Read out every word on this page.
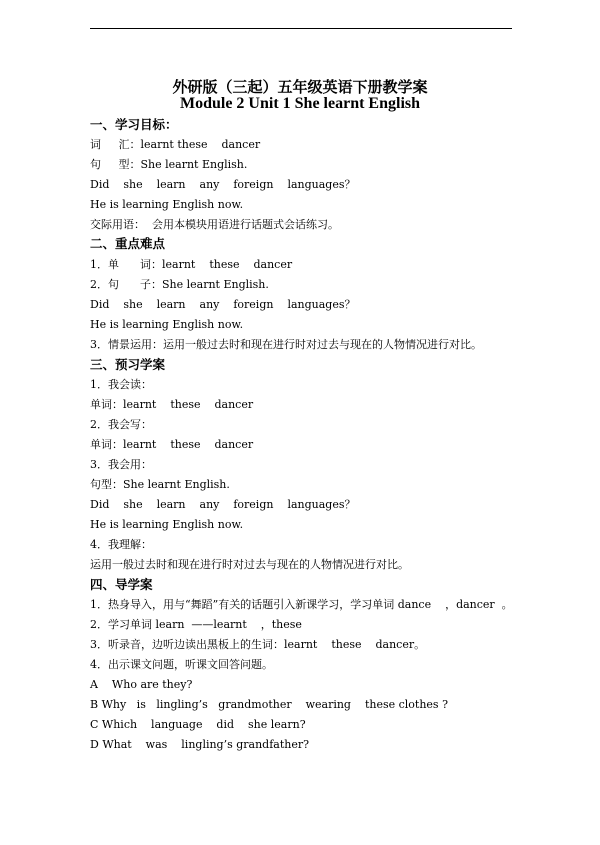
外研版（三起）五年级英语下册教学案
Module 2 Unit 1 She learnt English
一、学习目标：
词     汇：learnt these    dancer
句     型：She learnt English.
Did    she    learn    any    foreign    languages？
He is learning English now.
交际用语：  会用本模块用语进行话题式会话练习。
二、重点难点
1．单      词：learnt    these    dancer
2．句      子：She learnt English.
Did    she    learn    any    foreign    languages？
He is learning English now.
3．情景运用：运用一般过去时和现在进行时对过去与现在的人物情况进行对比。
三、预习学案
1．我会读：
单词：learnt    these    dancer
2．我会写：
单词：learnt    these    dancer
3．我会用：
句型：She learnt English.
Did    she    learn    any    foreign    languages？
He is learning English now.
4．我理解：
运用一般过去时和现在进行时对过去与现在的人物情况进行对比。
四、导学案
1．热身导入，用与“舞蹈”有关的话题引入新课学习，学习单词 dance    ，dancer  。
2．学习单词 learn  ——learnt    ，these
3．听录音，边听边读出黑板上的生词：learnt    these    dancer。
4．出示课文问题，听课文回答问题。
A    Who are they?
B Why   is   lingling’s   grandmother    wearing    these clothes ?
C Which    language    did    she learn?
D What    was    lingling’s grandfather?
